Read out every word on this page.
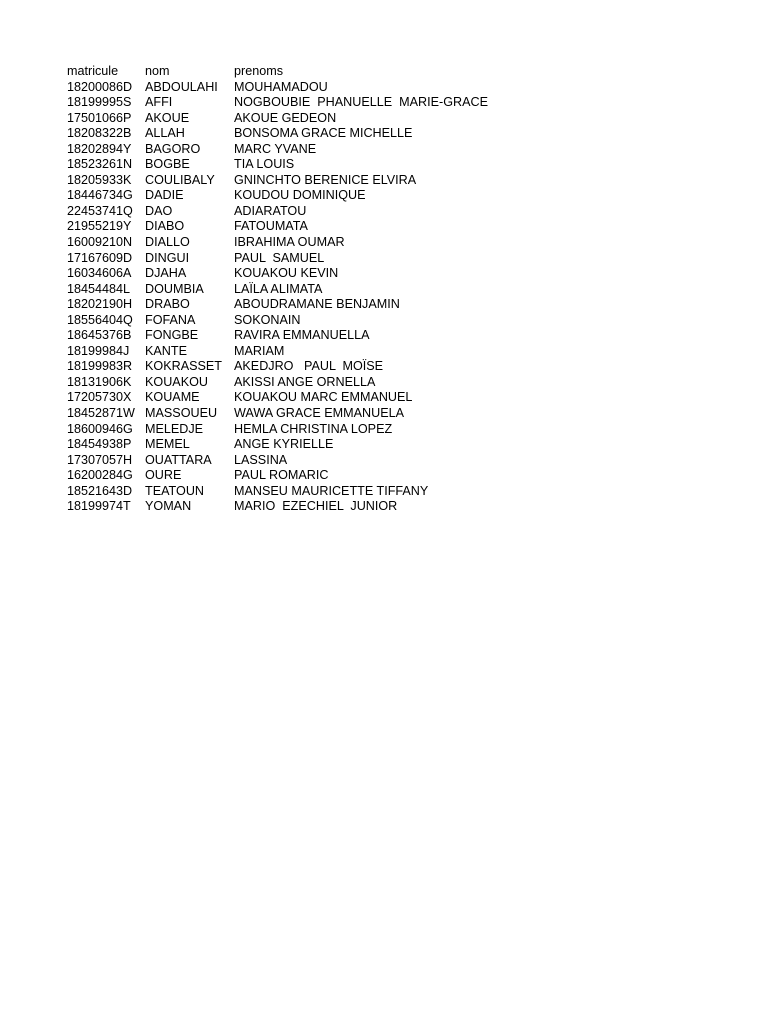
matricule	nom	prenoms
18200086D	ABDOULAHI	MOUHAMADOU
18199995S	AFFI	NOGBOUBIE  PHANUELLE  MARIE-GRACE
17501066P	AKOUE	AKOUE GEDEON
18208322B	ALLAH	BONSOMA GRACE MICHELLE
18202894Y	BAGORO	MARC YVANE
18523261N	BOGBE	TIA LOUIS
18205933K	COULIBALY	GNINCHTO BERENICE ELVIRA
18446734G	DADIE	KOUDOU DOMINIQUE
22453741Q	DAO	ADIARATOU
21955219Y	DIABO	FATOUMATA
16009210N	DIALLO	IBRAHIMA OUMAR
17167609D	DINGUI	PAUL  SAMUEL
16034606A	DJAHA	KOUAKOU KEVIN
18454484L	DOUMBIA	LAÏLA ALIMATA
18202190H	DRABO	ABOUDRAMANE BENJAMIN
18556404Q	FOFANA	SOKONAIN
18645376B	FONGBE	RAVIRA EMMANUELLA
18199984J	KANTE	MARIAM
18199983R	KOKRASSET	AKEDJRO   PAUL  MOÏSE
18131906K	KOUAKOU	AKISSI ANGE ORNELLA
17205730X	KOUAME	KOUAKOU MARC EMMANUEL
18452871W	MASSOUEU	WAWA GRACE EMMANUELA
18600946G	MELEDJE	HEMLA CHRISTINA LOPEZ
18454938P	MEMEL	ANGE KYRIELLE
17307057H	OUATTARA	LASSINA
16200284G	OURE	PAUL ROMARIC
18521643D	TEATOUN	MANSEU MAURICETTE TIFFANY
18199974T	YOMAN	MARIO  EZECHIEL  JUNIOR
